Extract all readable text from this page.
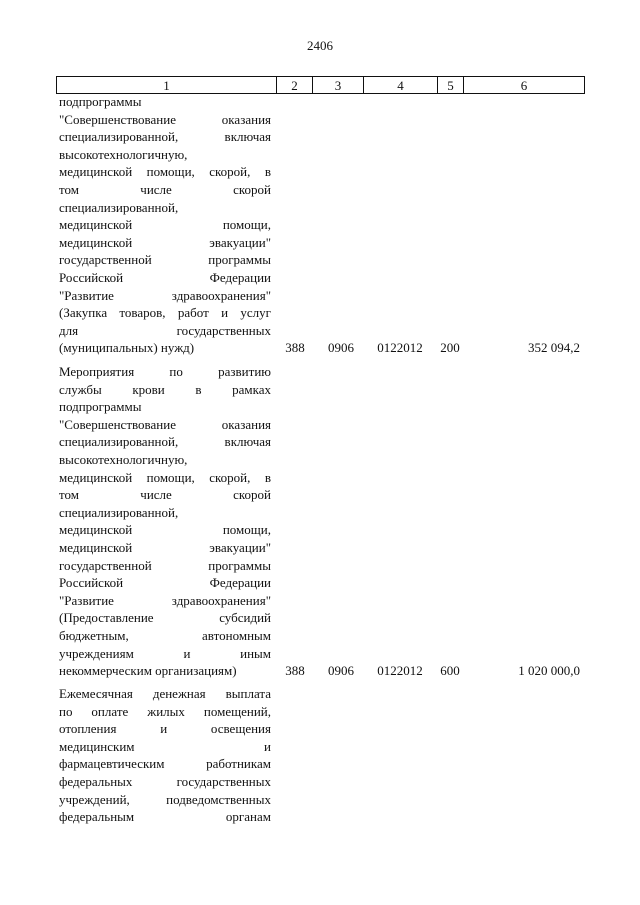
2406
1	2	3	4	5	6
подпрограммы
"Совершенствование оказания
специализированной, включая
высокотехнологичную,
медицинской помощи, скорой, в
том числе скорой
специализированной,
медицинской помощи,
медицинской эвакуации"
государственной программы
Российской Федерации
"Развитие здравоохранения"
(Закупка товаров, работ и услуг
для государственных
(муниципальных) нужд)	388	0906	0122012	200	352 094,2
Мероприятия по развитию
службы крови в рамках
подпрограммы
"Совершенствование оказания
специализированной, включая
высокотехнологичную,
медицинской помощи, скорой, в
том числе скорой
специализированной,
медицинской помощи,
медицинской эвакуации"
государственной программы
Российской Федерации
"Развитие здравоохранения"
(Предоставление субсидий
бюджетным, автономным
учреждениям и иным
некоммерческим организациям)	388	0906	0122012	600	1 020 000,0
Ежемесячная денежная выплата
по оплате жилых помещений,
отопления и освещения
медицинским и
фармацевтическим работникам
федеральных государственных
учреждений, подведомственных
федеральным органам
